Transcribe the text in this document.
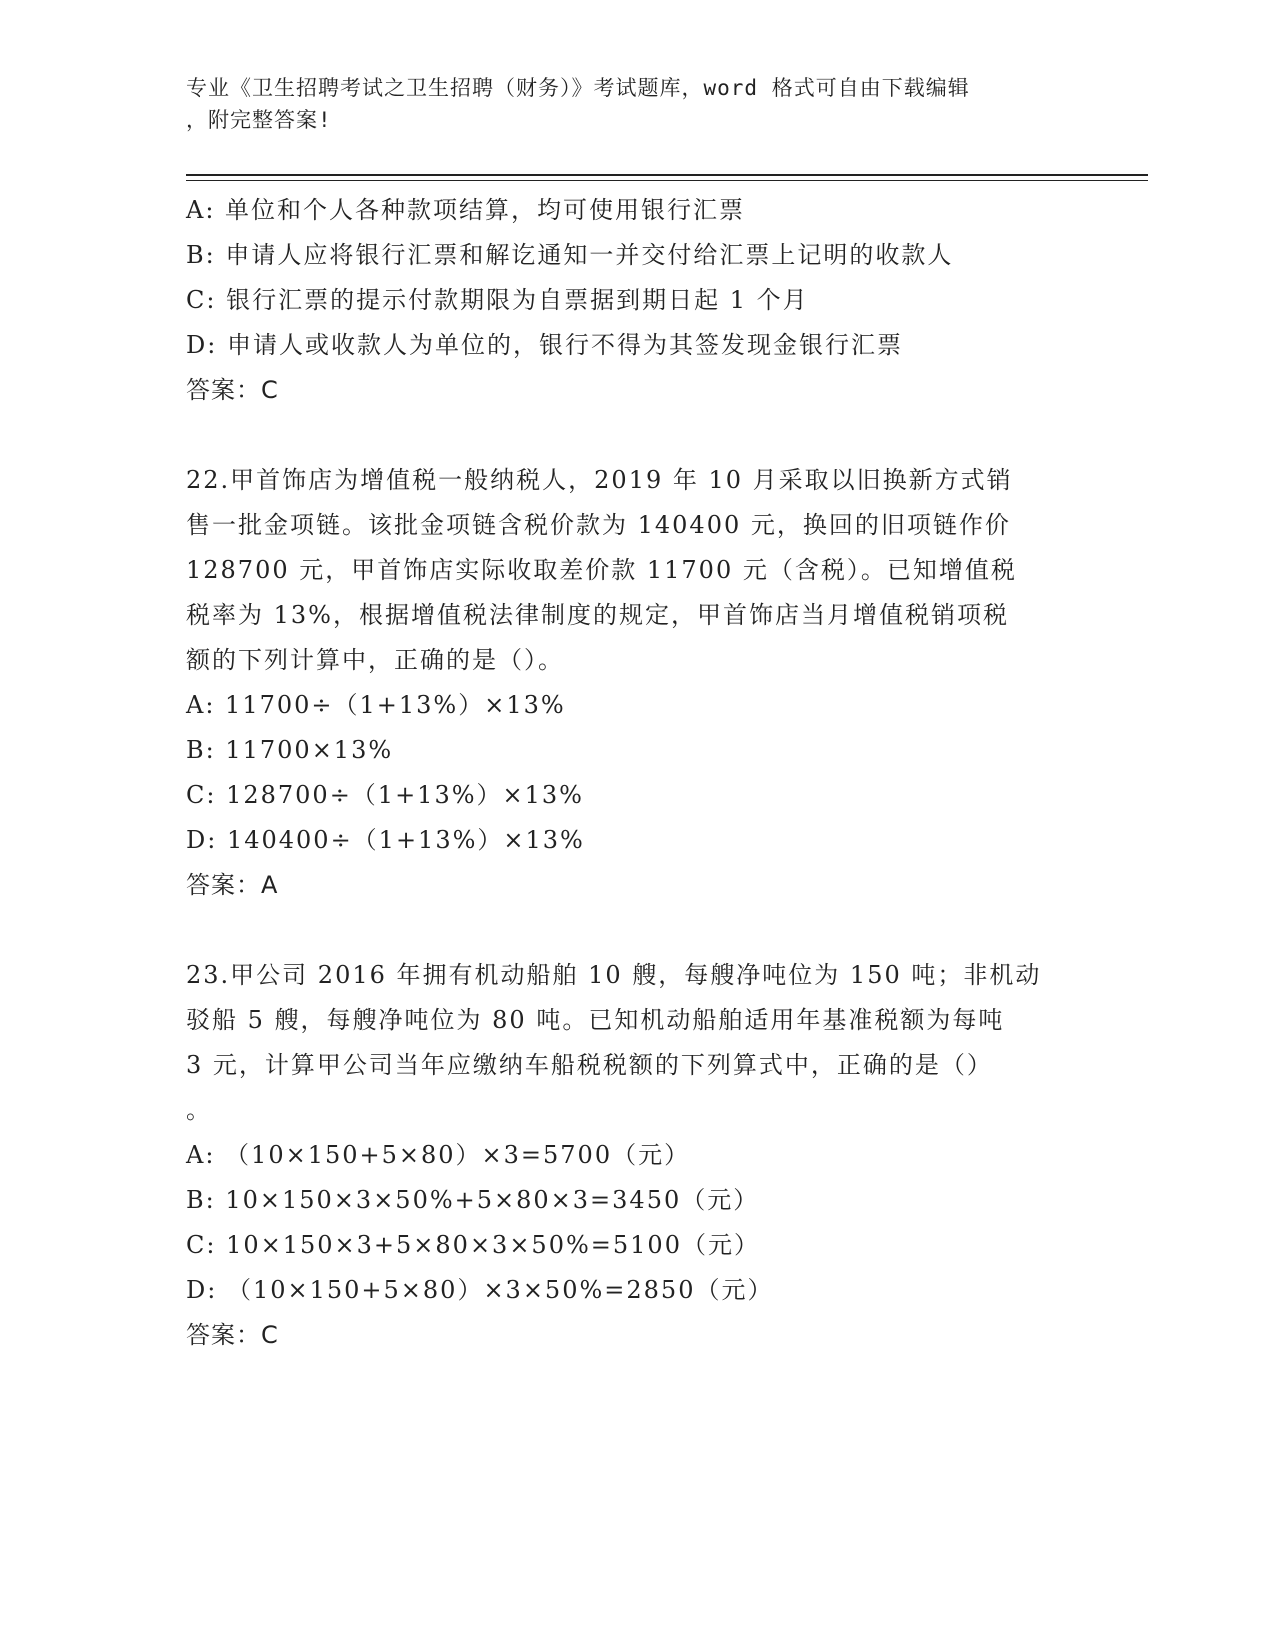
专业《卫生招聘考试之卫生招聘（财务）》考试题库，word 格式可自由下载编辑
，附完整答案!
A: 单位和个人各种款项结算，均可使用银行汇票
B: 申请人应将银行汇票和解讫通知一并交付给汇票上记明的收款人
C: 银行汇票的提示付款期限为自票据到期日起 1 个月
D: 申请人或收款人为单位的，银行不得为其签发现金银行汇票
答案：C
22.甲首饰店为增值税一般纳税人，2019 年 10 月采取以旧换新方式销
售一批金项链。该批金项链含税价款为 140400 元，换回的旧项链作价
128700 元，甲首饰店实际收取差价款 11700 元（含税）。已知增值税
税率为 13%，根据增值税法律制度的规定，甲首饰店当月增值税销项税
额的下列计算中，正确的是（）。
A: 11700÷（1+13%）×13%
B: 11700×13%
C: 128700÷（1+13%）×13%
D: 140400÷（1+13%）×13%
答案：A
23.甲公司 2016 年拥有机动船舶 10 艘，每艘净吨位为 150 吨；非机动
驳船 5 艘，每艘净吨位为 80 吨。已知机动船舶适用年基准税额为每吨
3 元，计算甲公司当年应缴纳车船税税额的下列算式中，正确的是（）
。
A: （10×150+5×80）×3=5700（元）
B: 10×150×3×50%+5×80×3=3450（元）
C: 10×150×3+5×80×3×50%=5100（元）
D: （10×150+5×80）×3×50%=2850（元）
答案：C
